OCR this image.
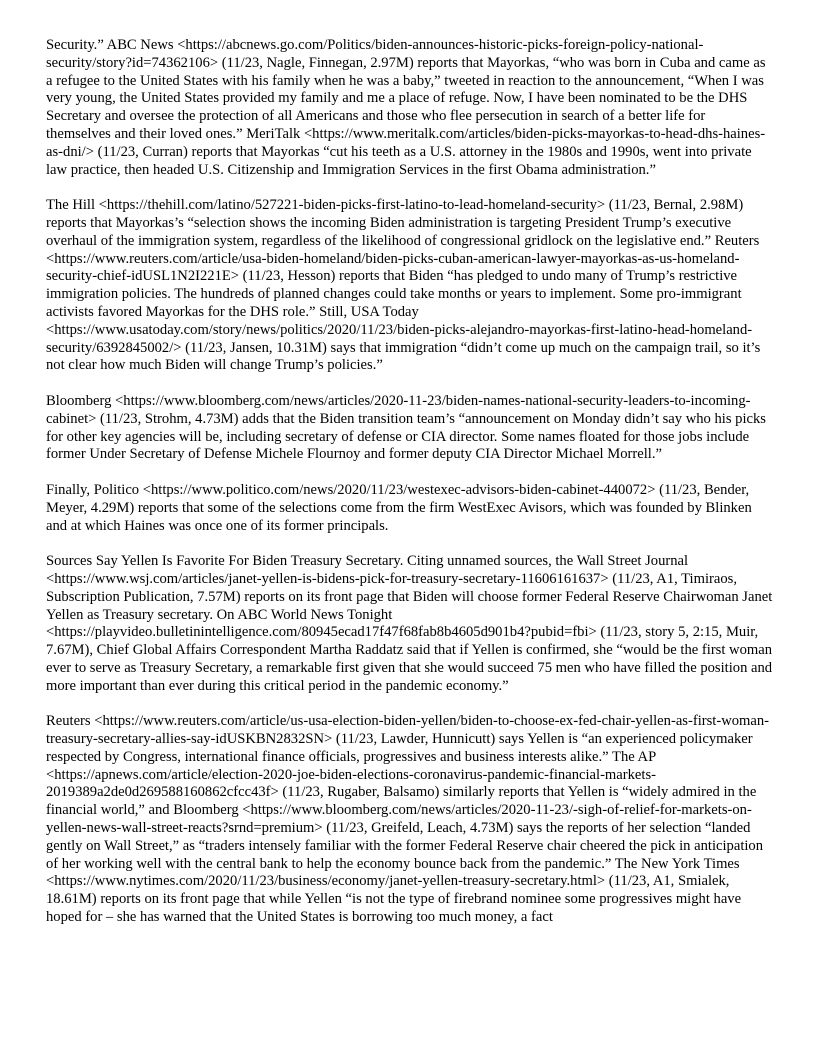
Security.” ABC News <https://abcnews.go.com/Politics/biden-announces-historic-picks-foreign-policy-national-security/story?id=74362106> (11/23, Nagle, Finnegan, 2.97M) reports that Mayorkas, “who was born in Cuba and came as a refugee to the United States with his family when he was a baby,” tweeted in reaction to the announcement, “When I was very young, the United States provided my family and me a place of refuge. Now, I have been nominated to be the DHS Secretary and oversee the protection of all Americans and those who flee persecution in search of a better life for themselves and their loved ones.” MeriTalk <https://www.meritalk.com/articles/biden-picks-mayorkas-to-head-dhs-haines-as-dni/> (11/23, Curran) reports that Mayorkas “cut his teeth as a U.S. attorney in the 1980s and 1990s, went into private law practice, then headed U.S. Citizenship and Immigration Services in the first Obama administration.”

The Hill <https://thehill.com/latino/527221-biden-picks-first-latino-to-lead-homeland-security> (11/23, Bernal, 2.98M) reports that Mayorkas’s “selection shows the incoming Biden administration is targeting President Trump’s executive overhaul of the immigration system, regardless of the likelihood of congressional gridlock on the legislative end.” Reuters <https://www.reuters.com/article/usa-biden-homeland/biden-picks-cuban-american-lawyer-mayorkas-as-us-homeland-security-chief-idUSL1N2I221E> (11/23, Hesson) reports that Biden “has pledged to undo many of Trump’s restrictive immigration policies. The hundreds of planned changes could take months or years to implement. Some pro-immigrant activists favored Mayorkas for the DHS role.” Still, USA Today <https://www.usatoday.com/story/news/politics/2020/11/23/biden-picks-alejandro-mayorkas-first-latino-head-homeland-security/6392845002/> (11/23, Jansen, 10.31M) says that immigration “didn’t come up much on the campaign trail, so it’s not clear how much Biden will change Trump’s policies.”

Bloomberg <https://www.bloomberg.com/news/articles/2020-11-23/biden-names-national-security-leaders-to-incoming-cabinet> (11/23, Strohm, 4.73M) adds that the Biden transition team’s “announcement on Monday didn’t say who his picks for other key agencies will be, including secretary of defense or CIA director. Some names floated for those jobs include former Under Secretary of Defense Michele Flournoy and former deputy CIA Director Michael Morrell.”

Finally, Politico <https://www.politico.com/news/2020/11/23/westexec-advisors-biden-cabinet-440072> (11/23, Bender, Meyer, 4.29M) reports that some of the selections come from the firm WestExec Avisors, which was founded by Blinken and at which Haines was once one of its former principals.

Sources Say Yellen Is Favorite For Biden Treasury Secretary. Citing unnamed sources, the Wall Street Journal <https://www.wsj.com/articles/janet-yellen-is-bidens-pick-for-treasury-secretary-11606161637> (11/23, A1, Timiraos, Subscription Publication, 7.57M) reports on its front page that Biden will choose former Federal Reserve Chairwoman Janet Yellen as Treasury secretary. On ABC World News Tonight <https://playvideo.bulletinintelligence.com/80945ecad17f47f68fab8b4605d901b4?pubid=fbi> (11/23, story 5, 2:15, Muir, 7.67M), Chief Global Affairs Correspondent Martha Raddatz said that if Yellen is confirmed, she “would be the first woman ever to serve as Treasury Secretary, a remarkable first given that she would succeed 75 men who have filled the position and more important than ever during this critical period in the pandemic economy.”

Reuters <https://www.reuters.com/article/us-usa-election-biden-yellen/biden-to-choose-ex-fed-chair-yellen-as-first-woman-treasury-secretary-allies-say-idUSKBN2832SN> (11/23, Lawder, Hunnicutt) says Yellen is “an experienced policymaker respected by Congress, international finance officials, progressives and business interests alike.” The AP <https://apnews.com/article/election-2020-joe-biden-elections-coronavirus-pandemic-financial-markets-2019389a2de0d269588160862cfcc43f> (11/23, Rugaber, Balsamo) similarly reports that Yellen is “widely admired in the financial world,” and Bloomberg <https://www.bloomberg.com/news/articles/2020-11-23/-sigh-of-relief-for-markets-on-yellen-news-wall-street-reacts?srnd=premium> (11/23, Greifeld, Leach, 4.73M) says the reports of her selection “landed gently on Wall Street,” as “traders intensely familiar with the former Federal Reserve chair cheered the pick in anticipation of her working well with the central bank to help the economy bounce back from the pandemic.” The New York Times <https://www.nytimes.com/2020/11/23/business/economy/janet-yellen-treasury-secretary.html> (11/23, A1, Smialek, 18.61M) reports on its front page that while Yellen “is not the type of firebrand nominee some progressives might have hoped for – she has warned that the United States is borrowing too much money, a fact
